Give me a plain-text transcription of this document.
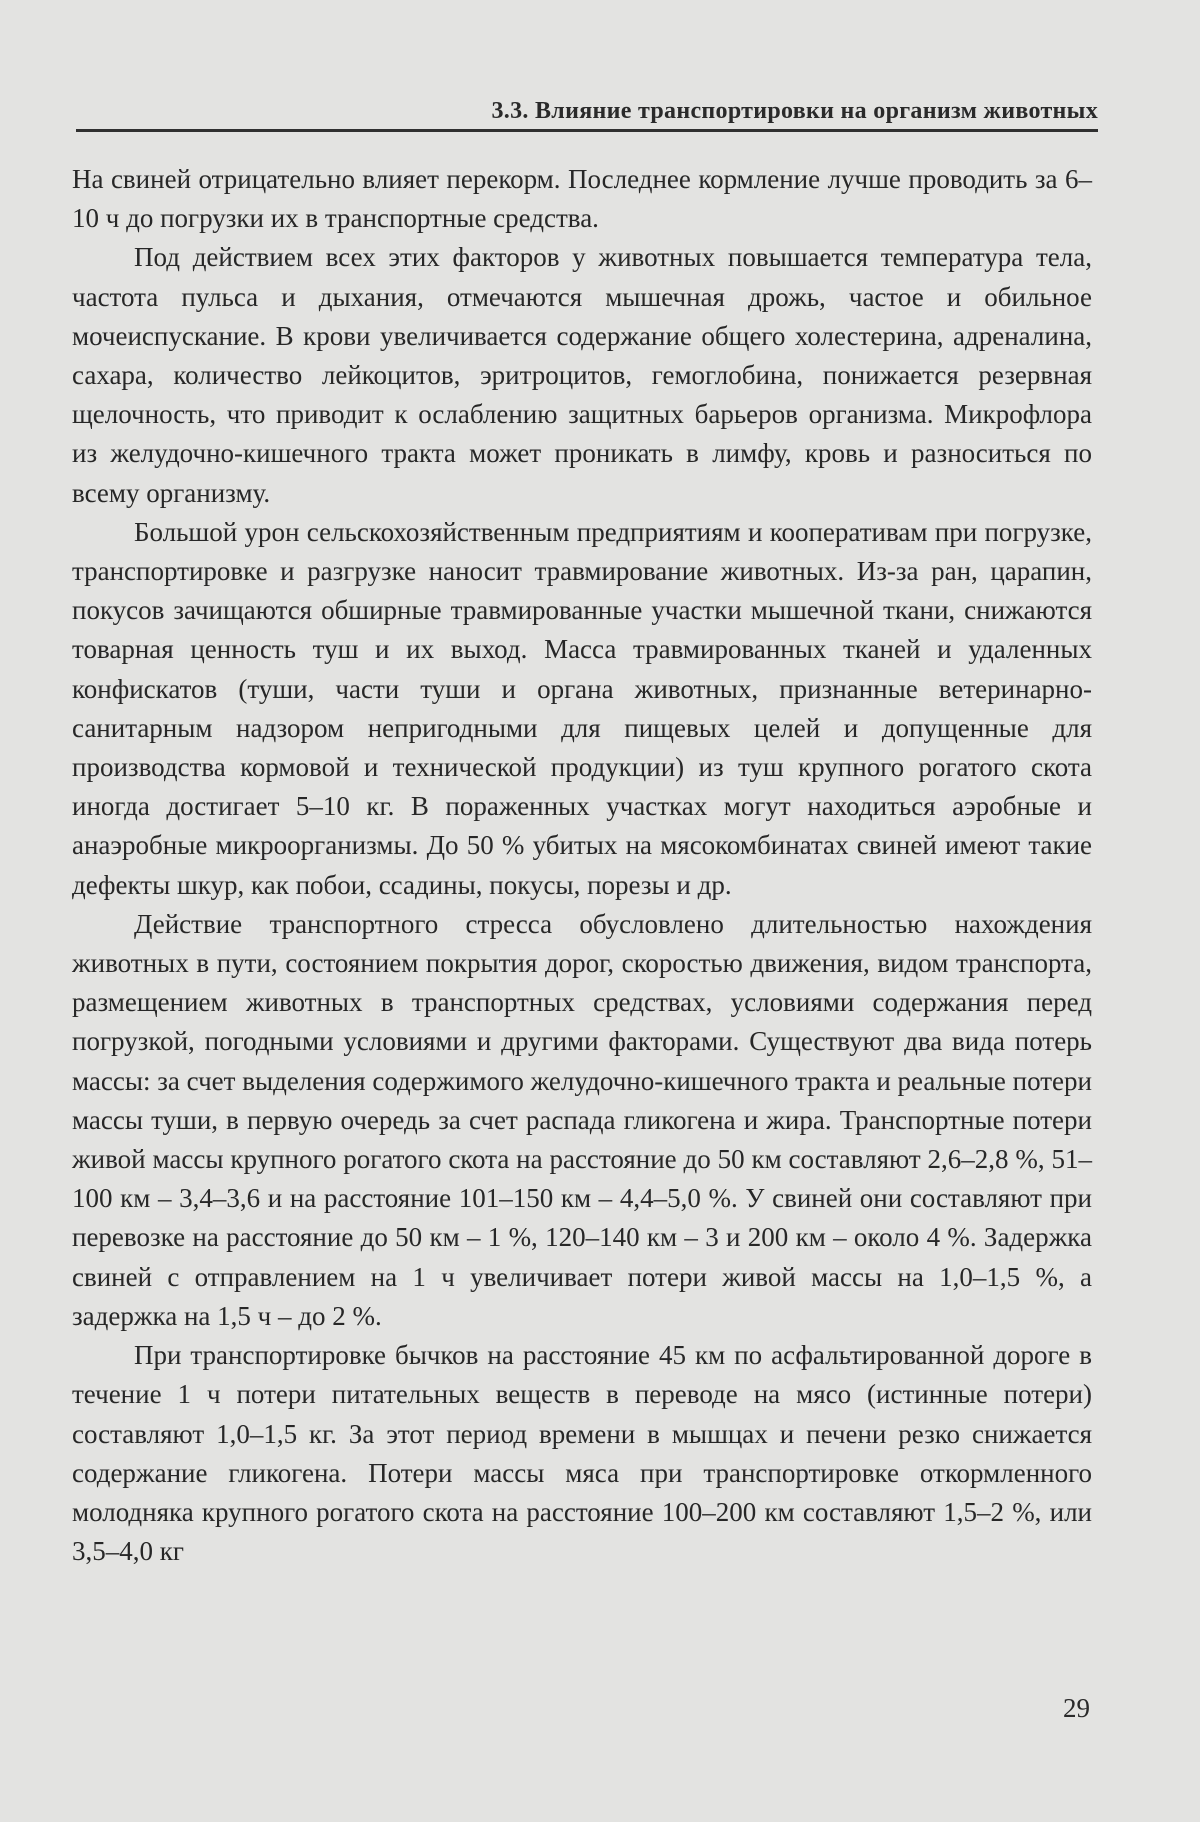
3.3. Влияние транспортировки на организм животных

На свиней отрицательно влияет перекорм. Последнее кормление лучше проводить за 6–10 ч до погрузки их в транспортные средства.

Под действием всех этих факторов у животных повышается температура тела, частота пульса и дыхания, отмечаются мышечная дрожь, частое и обильное мочеиспускание. В крови увеличивается содержание общего холестерина, адреналина, сахара, количество лейкоцитов, эритроцитов, гемоглобина, понижается резервная щелочность, что приводит к ослаблению защитных барьеров организма. Микрофлора из желудочно-кишечного тракта может проникать в лимфу, кровь и разноситься по всему организму.

Большой урон сельскохозяйственным предприятиям и кооперативам при погрузке, транспортировке и разгрузке наносит травмирование животных. Из-за ран, царапин, покусов зачищаются обширные травмированные участки мышечной ткани, снижаются товарная ценность туш и их выход. Масса травмированных тканей и удаленных конфискатов (туши, части туши и органа животных, признанные ветеринарно-санитарным надзором непригодными для пищевых целей и допущенные для производства кормовой и технической продукции) из туш крупного рогатого скота иногда достигает 5–10 кг. В пораженных участках могут находиться аэробные и анаэробные микроорганизмы. До 50 % убитых на мясокомбинатах свиней имеют такие дефекты шкур, как побои, ссадины, покусы, порезы и др.

Действие транспортного стресса обусловлено длительностью нахождения животных в пути, состоянием покрытия дорог, скоростью движения, видом транспорта, размещением животных в транспортных средствах, условиями содержания перед погрузкой, погодными условиями и другими факторами. Существуют два вида потерь массы: за счет выделения содержимого желудочно-кишечного тракта и реальные потери массы туши, в первую очередь за счет распада гликогена и жира. Транспортные потери живой массы крупного рогатого скота на расстояние до 50 км составляют 2,6–2,8 %, 51–100 км – 3,4–3,6 и на расстояние 101–150 км – 4,4–5,0 %. У свиней они составляют при перевозке на расстояние до 50 км – 1 %, 120–140 км – 3 и 200 км – около 4 %. Задержка свиней с отправлением на 1 ч увеличивает потери живой массы на 1,0–1,5 %, а задержка на 1,5 ч – до 2 %.

При транспортировке бычков на расстояние 45 км по асфальтированной дороге в течение 1 ч потери питательных веществ в переводе на мясо (истинные потери) составляют 1,0–1,5 кг. За этот период времени в мышцах и печени резко снижается содержание гликогена. Потери массы мяса при транспортировке откормленного молодняка крупного рогатого скота на расстояние 100–200 км составляют 1,5–2 %, или 3,5–4,0 кг

29
